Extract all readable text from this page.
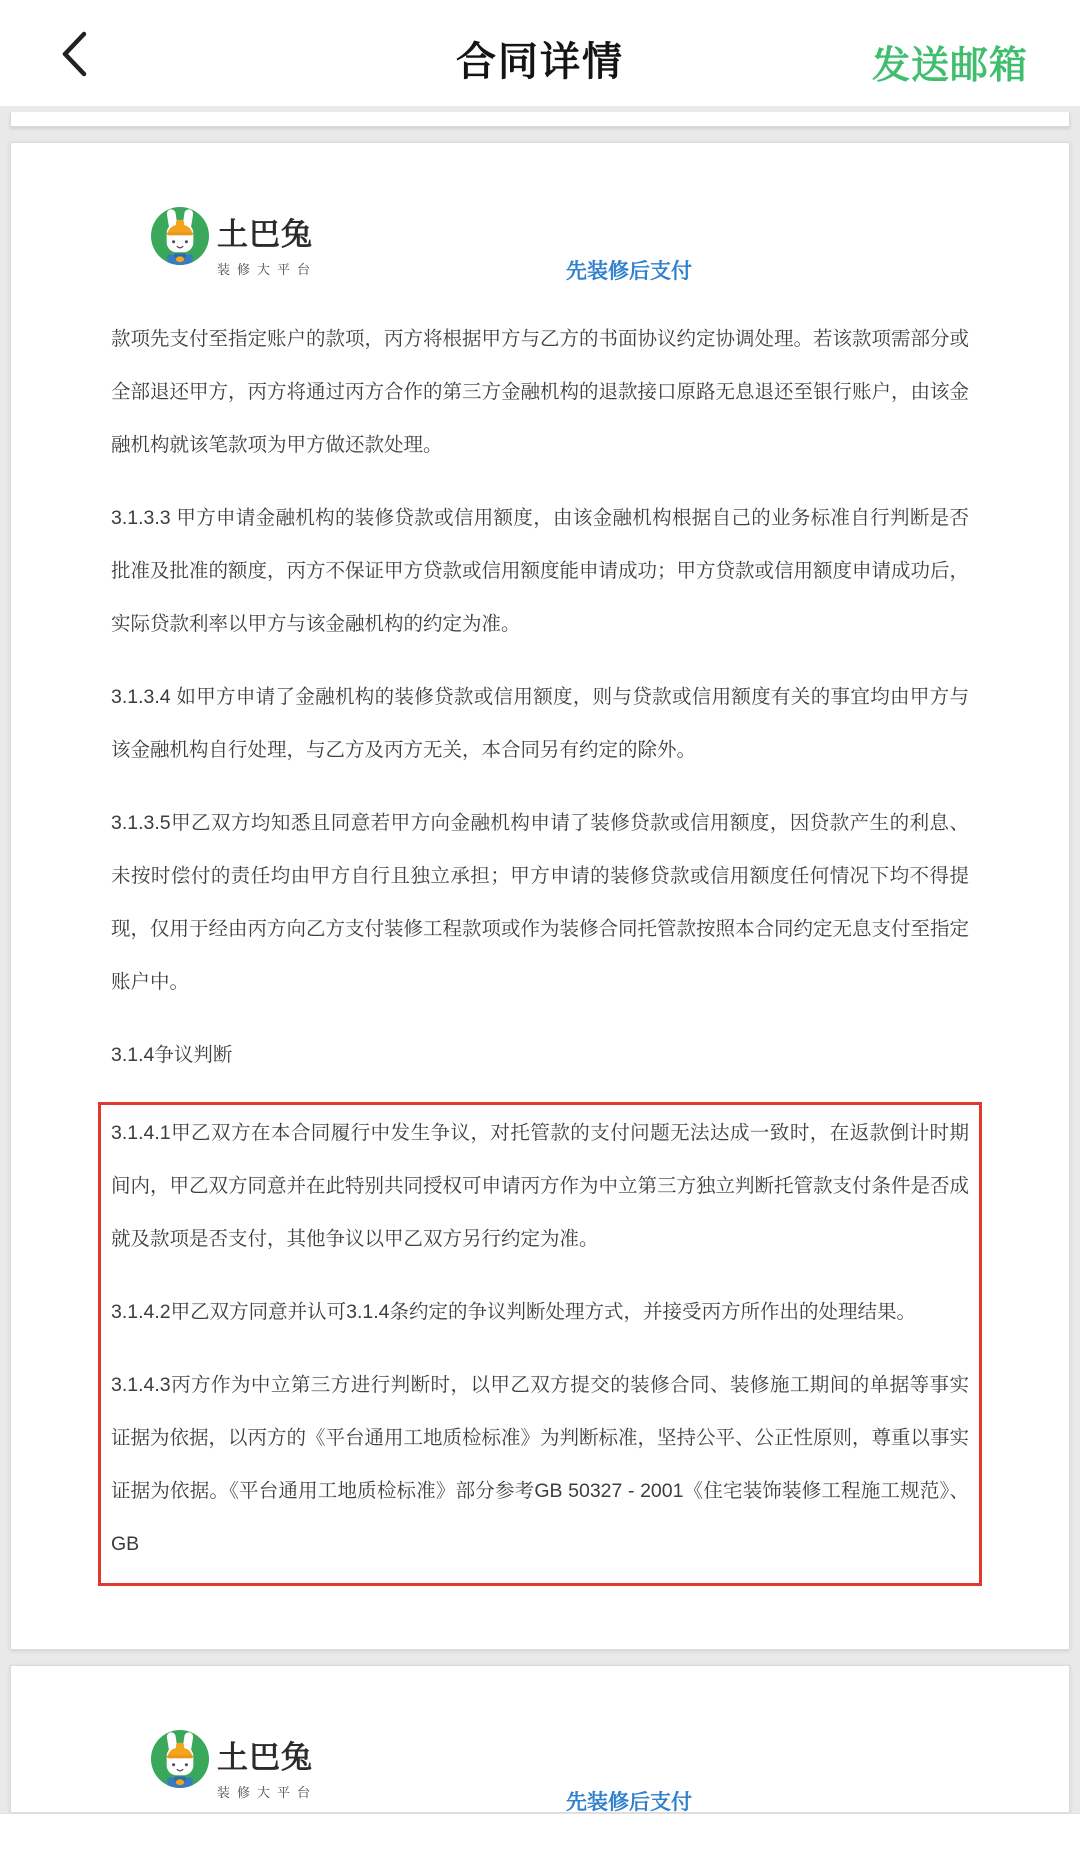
合同详情	发送邮箱
土巴兔
装修大平台	先装修后支付

款项先支付至指定账户的款项，丙方将根据甲方与乙方的书面协议约定协调处理。若该款项需部分或全部退还甲方，丙方将通过丙方合作的第三方金融机构的退款接口原路无息退还至银行账户，由该金融机构就该笔款项为甲方做还款处理。

3.1.3.3 甲方申请金融机构的装修贷款或信用额度，由该金融机构根据自己的业务标准自行判断是否批准及批准的额度，丙方不保证甲方贷款或信用额度能申请成功；甲方贷款或信用额度申请成功后，实际贷款利率以甲方与该金融机构的约定为准。

3.1.3.4 如甲方申请了金融机构的装修贷款或信用额度，则与贷款或信用额度有关的事宜均由甲方与该金融机构自行处理，与乙方及丙方无关，本合同另有约定的除外。

3.1.3.5甲乙双方均知悉且同意若甲方向金融机构申请了装修贷款或信用额度，因贷款产生的利息、未按时偿付的责任均由甲方自行且独立承担；甲方申请的装修贷款或信用额度任何情况下均不得提现，仅用于经由丙方向乙方支付装修工程款项或作为装修合同托管款按照本合同约定无息支付至指定账户中。

3.1.4争议判断

3.1.4.1甲乙双方在本合同履行中发生争议，对托管款的支付问题无法达成一致时，在返款倒计时期间内，甲乙双方同意并在此特别共同授权可申请丙方作为中立第三方独立判断托管款支付条件是否成就及款项是否支付，其他争议以甲乙双方另行约定为准。

3.1.4.2甲乙双方同意并认可3.1.4条约定的争议判断处理方式，并接受丙方所作出的处理结果。

3.1.4.3丙方作为中立第三方进行判断时，以甲乙双方提交的装修合同、装修施工期间的单据等事实证据为依据，以丙方的《平台通用工地质检标准》为判断标准，坚持公平、公正性原则，尊重以事实证据为依据。《平台通用工地质检标准》部分参考GB 50327 - 2001《住宅装饰装修工程施工规范》、GB

土巴兔
装修大平台	先装修后支付
